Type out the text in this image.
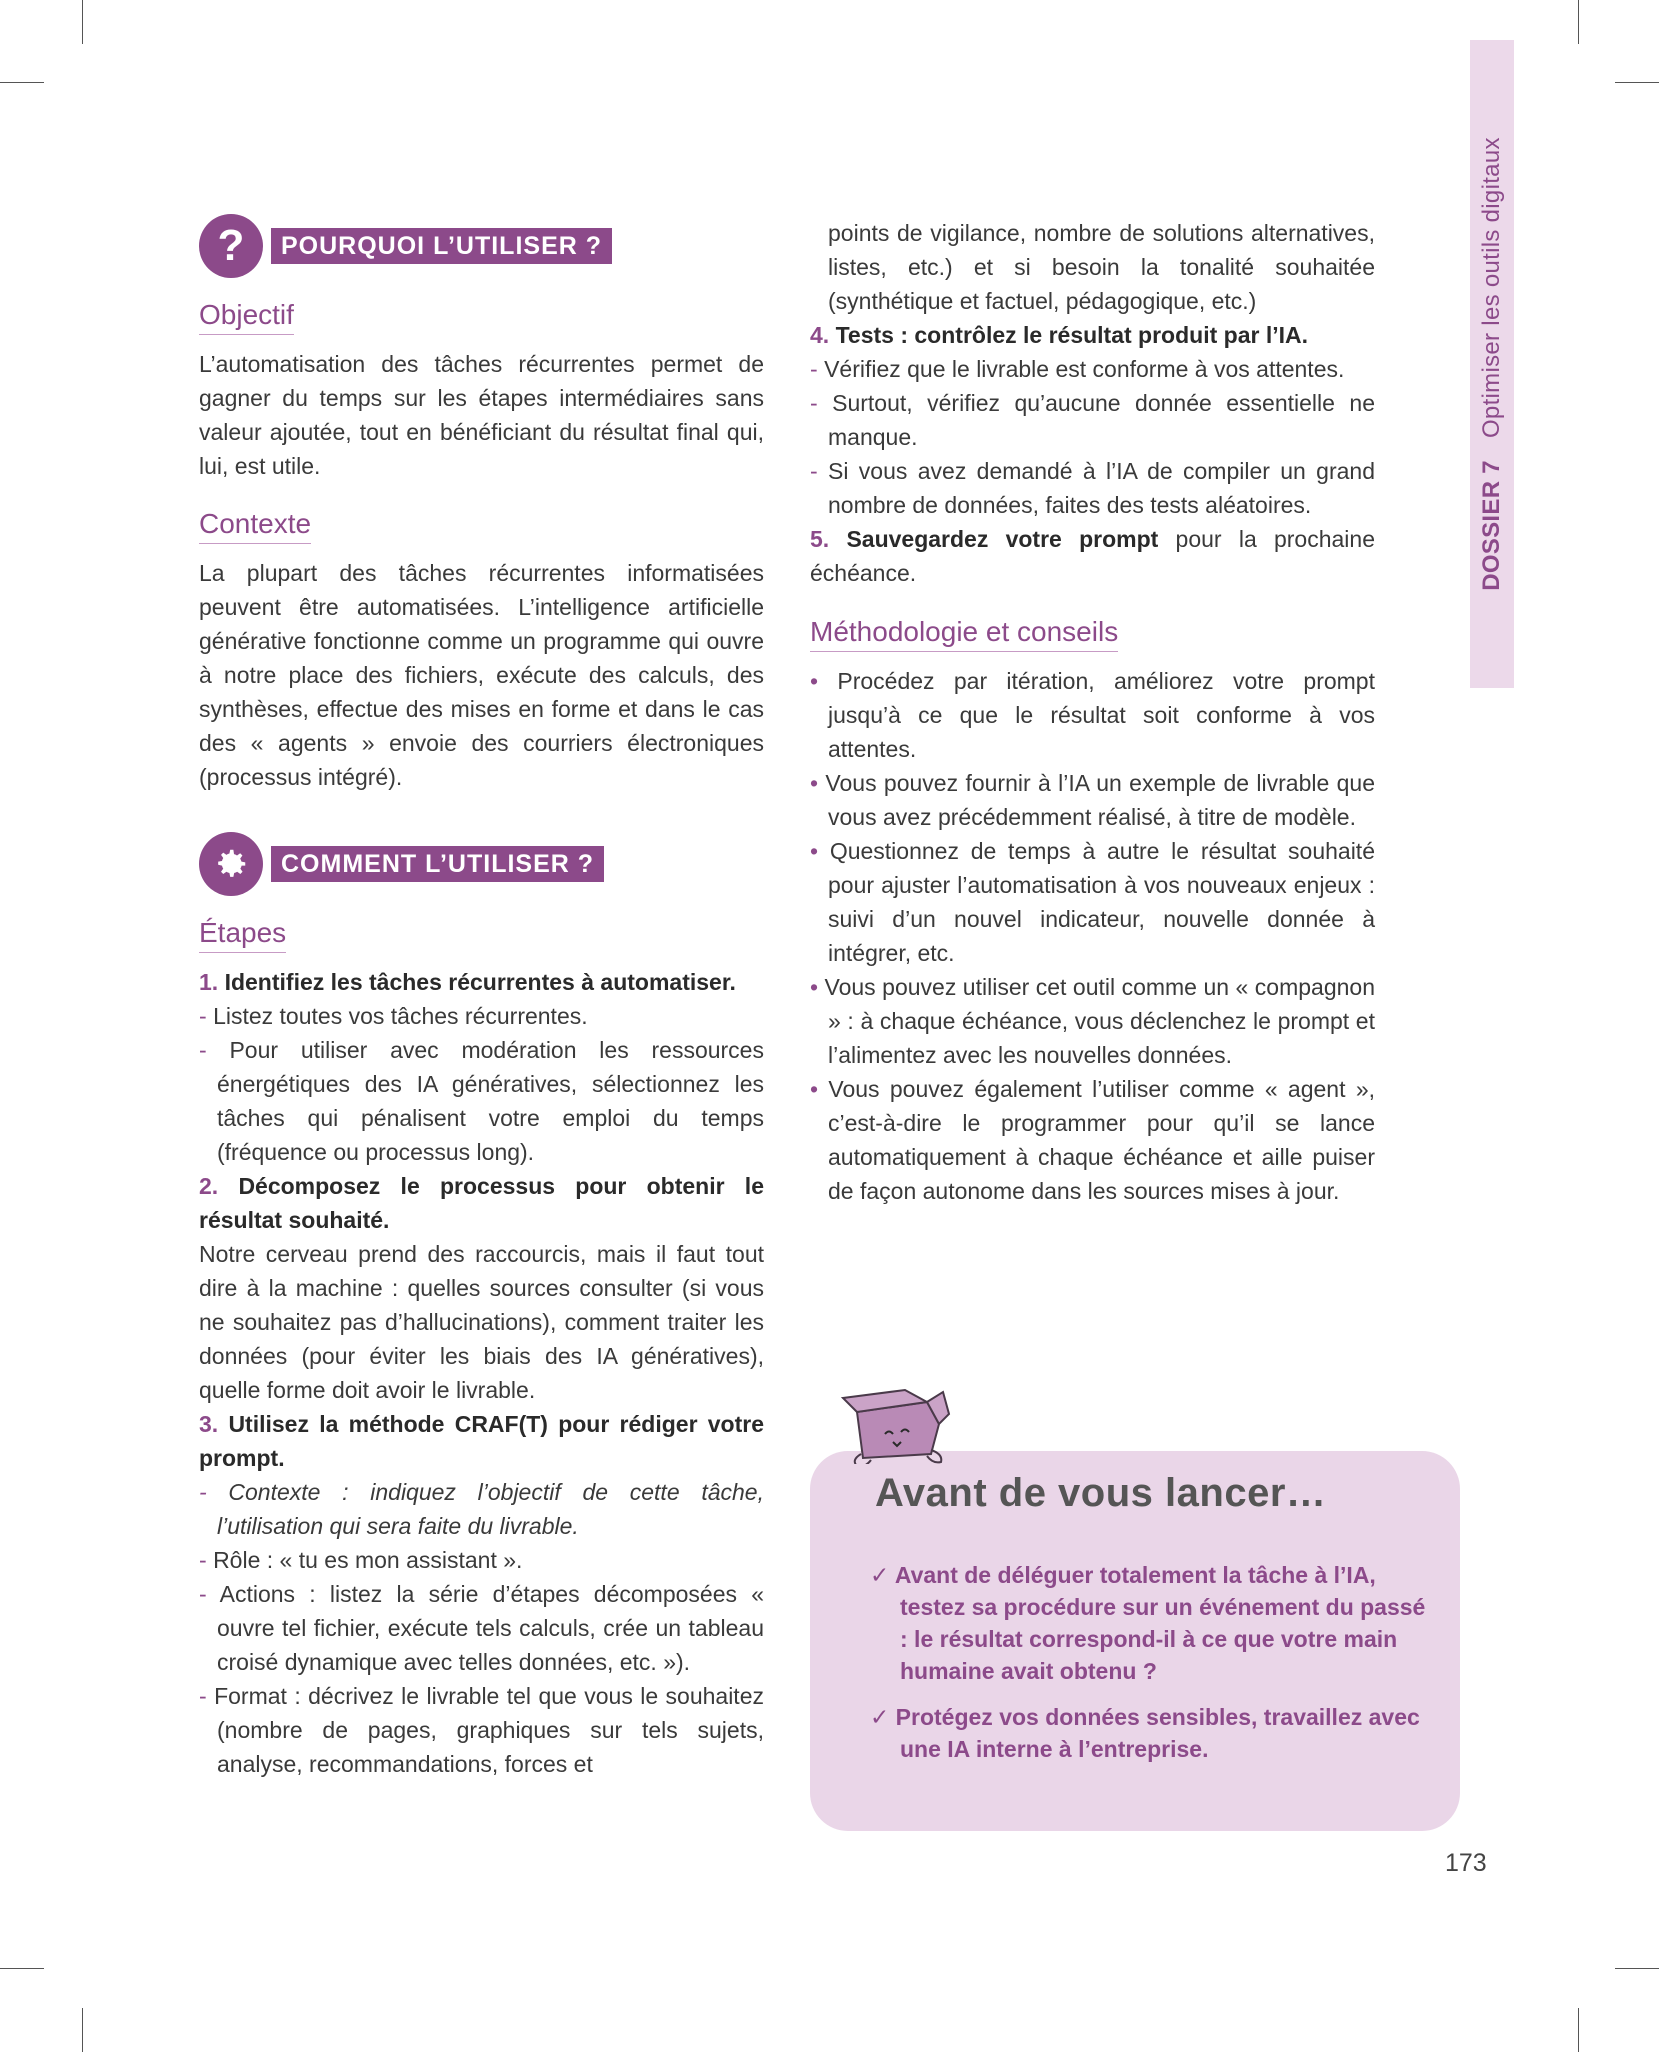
DOSSIER 7Optimiser les outils digitaux
?	POURQUOI L’UTILISER ?
Objectif

L’automatisation des tâches récurrentes permet de gagner du temps sur les étapes intermédiaires sans valeur ajoutée, tout en bénéficiant du résultat final qui, lui, est utile.

Contexte

La plupart des tâches récurrentes informatisées peuvent être automatisées. L’intelligence artificielle générative fonctionne comme un programme qui ouvre à notre place des fichiers, exécute des calculs, des synthèses, effectue des mises en forme et dans le cas des « agents » envoie des courriers électroniques (processus intégré).

COMMENT L’UTILISER ?
Étapes
1. Identifiez les tâches récurrentes à automatiser.
- Listez toutes vos tâches récurrentes.
- Pour utiliser avec modération les ressources énergétiques des IA génératives, sélectionnez les tâches qui pénalisent votre emploi du temps (fréquence ou processus long).
2. Décomposez le processus pour obtenir le résultat souhaité.
Notre cerveau prend des raccourcis, mais il faut tout dire à la machine : quelles sources consulter (si vous ne souhaitez pas d’hallucinations), comment traiter les données (pour éviter les biais des IA génératives), quelle forme doit avoir le livrable.
3. Utilisez la méthode CRAF(T) pour rédiger votre prompt.
- Contexte : indiquez l’objectif de cette tâche, l’utilisation qui sera faite du livrable.
- Rôle : « tu es mon assistant ».
- Actions : listez la série d’étapes décomposées « ouvre tel fichier, exécute tels calculs, crée un tableau croisé dynamique avec telles données, etc. »).
- Format : décrivez le livrable tel que vous le souhaitez (nombre de pages, graphiques sur tels sujets, analyse, recommandations, forces et
points de vigilance, nombre de solutions alternatives, listes, etc.) et si besoin la tonalité souhaitée (synthétique et factuel, pédagogique, etc.)
4. Tests : contrôlez le résultat produit par l’IA.
- Vérifiez que le livrable est conforme à vos attentes.
- Surtout, vérifiez qu’aucune donnée essentielle ne manque.
- Si vous avez demandé à l’IA de compiler un grand nombre de données, faites des tests aléatoires.
5. Sauvegardez votre prompt pour la prochaine échéance.
Méthodologie et conseils
• Procédez par itération, améliorez votre prompt jusqu’à ce que le résultat soit conforme à vos attentes.
• Vous pouvez fournir à l’IA un exemple de livrable que vous avez précédemment réalisé, à titre de modèle.
• Questionnez de temps à autre le résultat souhaité pour ajuster l’automatisation à vos nouveaux enjeux : suivi d’un nouvel indicateur, nouvelle donnée à intégrer, etc.
• Vous pouvez utiliser cet outil comme un « compagnon » : à chaque échéance, vous déclenchez le prompt et l’alimentez avec les nouvelles données.
• Vous pouvez également l’utiliser comme « agent », c’est-à-dire le programmer pour qu’il se lance automatiquement à chaque échéance et aille puiser de façon autonome dans les sources mises à jour.
Avant de vous lancer…
✓ Avant de déléguer totalement la tâche à l’IA, testez sa procédure sur un événement du passé : le résultat correspond-il à ce que votre main humaine avait obtenu ?
✓ Protégez vos données sensibles, travaillez avec une IA interne à l’entreprise.
173
